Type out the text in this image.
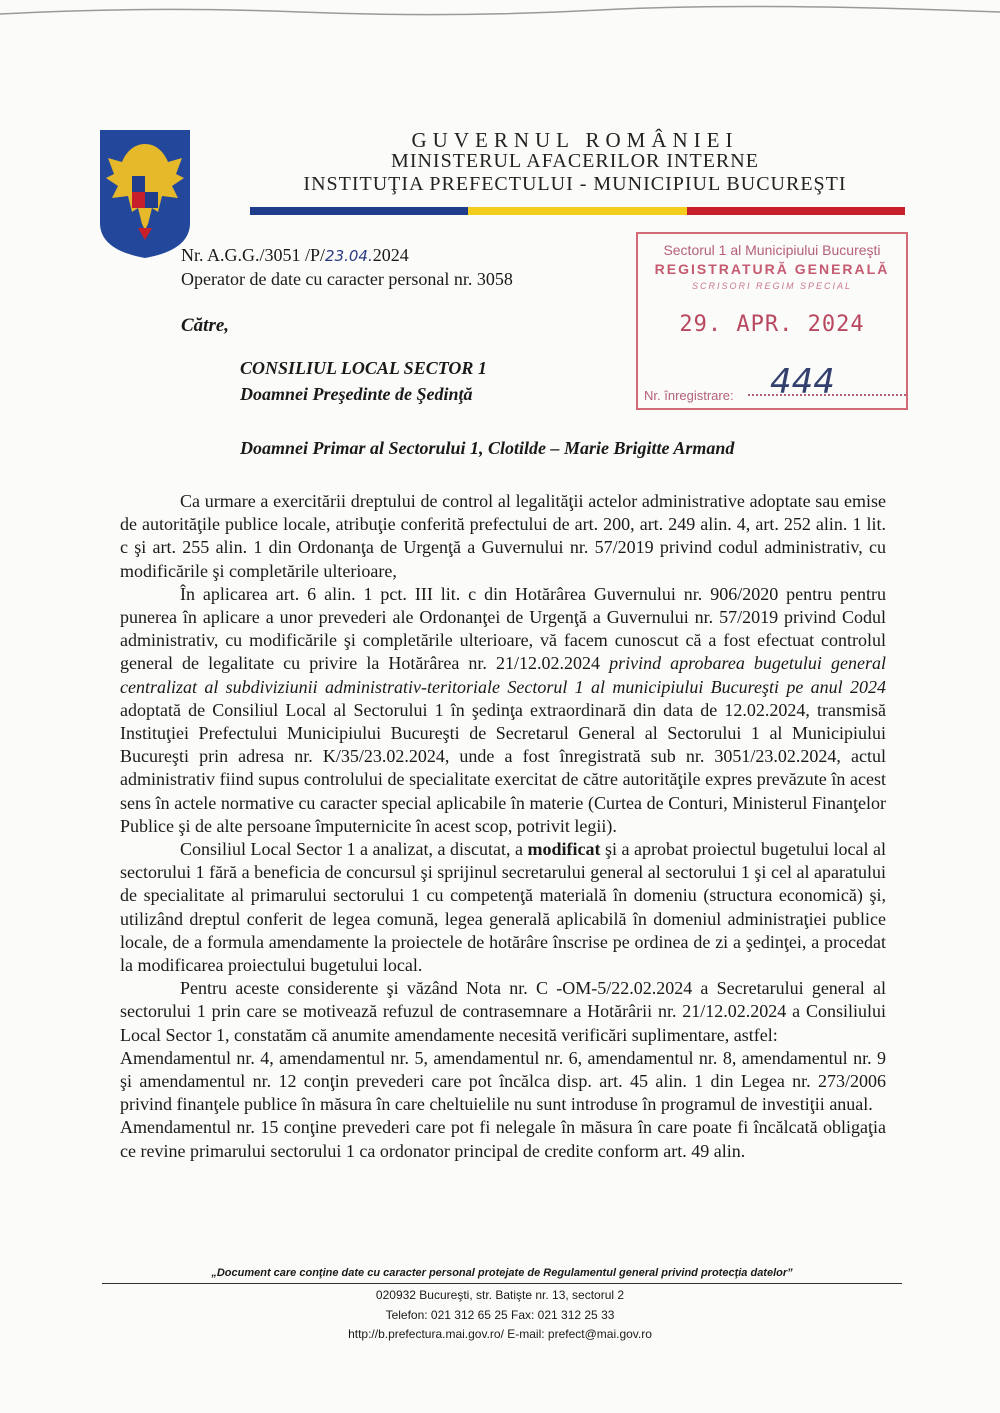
GUVERNUL ROMÂNIEI
MINISTERUL AFACERILOR INTERNE
INSTITUŢIA PREFECTULUI - MUNICIPIUL BUCUREŞTI
Nr. A.G.G./3051 /P/23.04.2024
Operator de date cu caracter personal nr. 3058
Sectorul 1 al Municipiului Bucureşti
REGISTRATURĂ GENERALĂ
SCRISORI REGIM SPECIAL
29. APR. 2024
444
Nr. înregistrare:
Către,
CONSILIUL LOCAL SECTOR 1
Doamnei Preşedinte de Şedinţă
Doamnei Primar al Sectorului 1, Clotilde – Marie Brigitte Armand

Ca urmare a exercitării dreptului de control al legalităţii actelor administrative adoptate sau emise de autorităţile publice locale, atribuţie conferită prefectului de art. 200, art. 249 alin. 4, art. 252 alin. 1 lit. c şi art. 255 alin. 1 din Ordonanţa de Urgenţă a Guvernului nr. 57/2019 privind codul administrativ, cu modificările şi completările ulterioare,

În aplicarea art. 6 alin. 1 pct. III lit. c din Hotărârea Guvernului nr. 906/2020 pentru pentru punerea în aplicare a unor prevederi ale Ordonanţei de Urgenţă a Guvernului nr. 57/2019 privind Codul administrativ, cu modificările şi completările ulterioare, vă facem cunoscut că a fost efectuat controlul general de legalitate cu privire la Hotărârea nr. 21/12.02.2024 privind aprobarea bugetului general centralizat al subdiviziunii administrativ-teritoriale Sectorul 1 al municipiului Bucureşti pe anul 2024 adoptată de Consiliul Local al Sectorului 1 în şedinţa extraordinară din data de 12.02.2024, transmisă Instituţiei Prefectului Municipiului Bucureşti de Secretarul General al Sectorului 1 al Municipiului Bucureşti prin adresa nr. K/35/23.02.2024, unde a fost înregistrată sub nr. 3051/23.02.2024, actul administrativ fiind supus controlului de specialitate exercitat de către autorităţile expres prevăzute în acest sens în actele normative cu caracter special aplicabile în materie (Curtea de Conturi, Ministerul Finanţelor Publice şi de alte persoane împuternicite în acest scop, potrivit legii).

Consiliul Local Sector 1 a analizat, a discutat, a modificat şi a aprobat proiectul bugetului local al sectorului 1 fără a beneficia de concursul şi sprijinul secretarului general al sectorului 1 şi cel al aparatului de specialitate al primarului sectorului 1 cu competenţă materială în domeniu (structura economică) şi, utilizând dreptul conferit de legea comună, legea generală aplicabilă în domeniul administraţiei publice locale, de a formula amendamente la proiectele de hotărâre înscrise pe ordinea de zi a şedinţei, a procedat la modificarea proiectului bugetului local.

Pentru aceste considerente şi văzând Nota nr. C -OM-5/22.02.2024 a Secretarului general al sectorului 1 prin care se motivează refuzul de contrasemnare a Hotărârii nr. 21/12.02.2024 a Consiliului Local Sector 1, constatăm că anumite amendamente necesită verificări suplimentare, astfel:

Amendamentul nr. 4, amendamentul nr. 5, amendamentul nr. 6, amendamentul nr. 8, amendamentul nr. 9 şi amendamentul nr. 12 conţin prevederi care pot încălca disp. art. 45 alin. 1 din Legea nr. 273/2006 privind finanţele publice în măsura în care cheltuielile nu sunt introduse în programul de investiţii anual.

Amendamentul nr. 15 conţine prevederi care pot fi nelegale în măsura în care poate fi încălcată obligaţia ce revine primarului sectorului 1 ca ordonator principal de credite conform art. 49 alin.

„Document care conţine date cu caracter personal protejate de Regulamentul general privind protecţia datelor”
020932 Bucureşti, str. Batişte nr. 13, sectorul 2
Telefon: 021 312 65 25 Fax: 021 312 25 33
http://b.prefectura.mai.gov.ro/ E-mail: prefect@mai.gov.ro
